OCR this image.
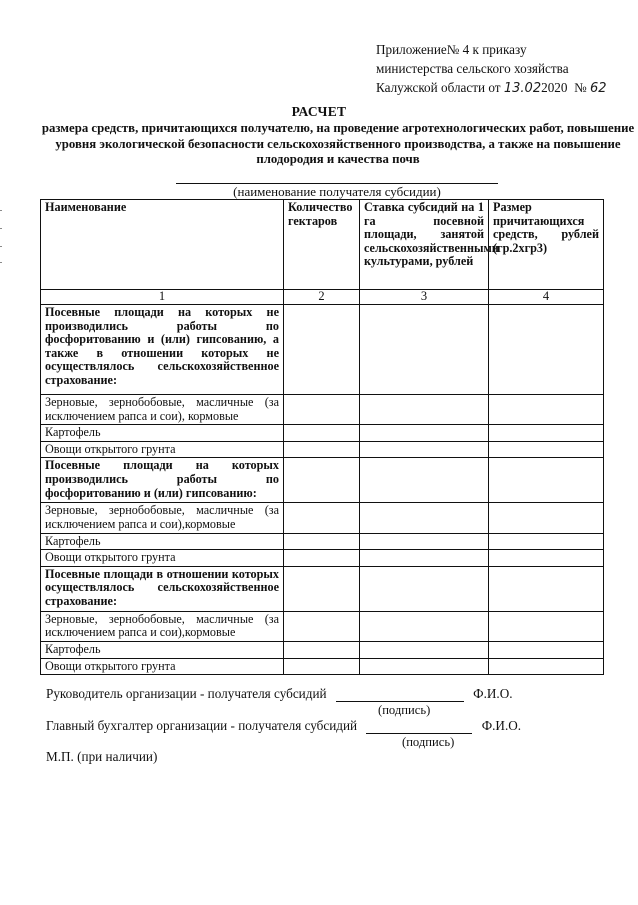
Приложение№ 4 к приказу
министерства сельского хозяйства
Калужской области от 13.022020 № 62
РАСЧЕТ
размера средств, причитающихся получателю, на проведение агротехнологических работ, повышение уровня экологической безопасности сельскохозяйственного производства, а также на повышение плодородия и качества почв
(наименование получателя субсидии)
Наименование	Количество гектаров	Ставка субсидий на 1 га посевной площади, занятой сельскохозяйственными культурами, рублей	Размер причитающихся средств, рублей (гр.2хгр3)
1	2	3	4
Посевные площади на которых не производились работы по фосфоритованию и (или) гипсованию, а также в отношении которых не осуществлялось сельскохозяйственное страхование:			
Зерновые, зернобобовые, масличные (за исключением рапса и сои), кормовые			
Картофель			
Овощи открытого грунта			
Посевные площади на которых производились работы по фосфоритованию и (или) гипсованию:			
Зерновые, зернобобовые, масличные (за исключением рапса и сои),кормовые			
Картофель			
Овощи открытого грунта			
Посевные площади в отношении которых осуществлялось сельскохозяйственное страхование:			
Зерновые, зернобобовые, масличные (за исключением рапса и сои),кормовые			
Картофель			
Овощи открытого грунта			
Руководитель организации - получателя субсидий	Ф.И.О.
(подпись)
Главный бухгалтер организации - получателя субсидий	Ф.И.О.
(подпись)
М.П. (при наличии)
